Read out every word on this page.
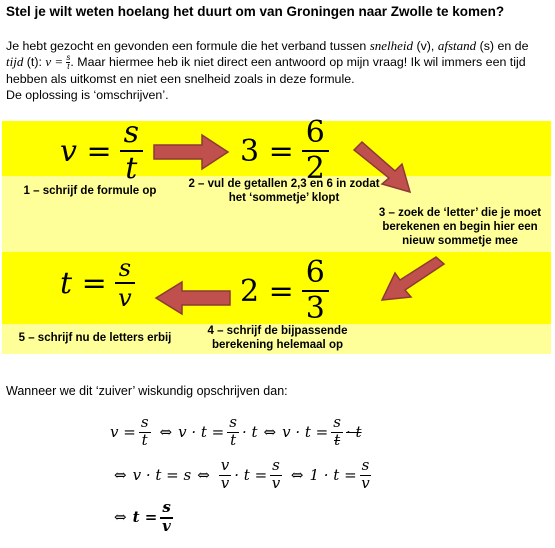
Stel je wilt weten hoelang het duurt om van Groningen naar Zwolle te komen?
Je hebt gezocht en gevonden een formule die het verband tussen snelheid (v), afstand (s) en de tijd (t): $v = \frac{s}{t}$ . Maar hiermee heb ik niet direct een antwoord op mijn vraag! Ik wil immers een tijd hebben als uitkomst en niet een snelheid zoals in deze formule.
De oplossing is ‘omschrijven’.
$v = \frac{s}{t}$	$3 = \frac{6}{2}$
1 – schrijf de formule op
2 – vul de getallen 2,3 en 6 in zodat het ‘sommetje’ klopt
3 – zoek de ‘letter’ die je moet berekenen en begin hier een nieuw sommetje mee
$t = \frac{s}{v}$	$2 = \frac{6}{3}$
5 – schrijf nu de letters erbij
4 – schrijf de bijpassende berekening helemaal op
Wanneer we dit ‘zuiver’ wiskundig opschrijven dan:
$v = \frac{s}{t}$ ⇔ $v \cdot t = \frac{s}{t} \cdot t$ ⇔ $v \cdot t = \frac{s}{t} \cdot t$
⇔ v · t = s ⇔ $\frac{v}{v} \cdot t = \frac{s}{v}$ ⇔ $1 \cdot t = \frac{s}{v}$
⇔ $t = \frac{s}{v}$
